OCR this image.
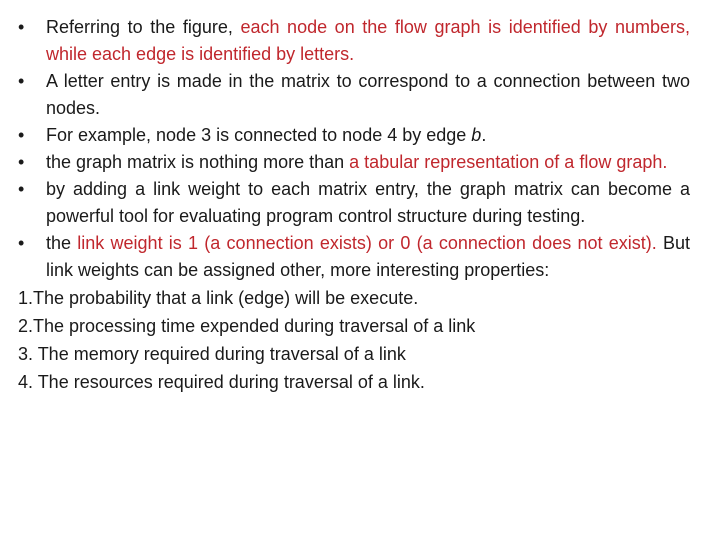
•	Referring to the figure, each node on the flow graph is identified by numbers, while each edge is identified by letters.
•	A letter entry is made in the matrix to correspond to a connection between two nodes.
•	For example, node 3 is connected to node 4 by edge b.
•	the graph matrix is nothing more than a tabular representation of a flow graph.
•	by adding a link weight to each matrix entry, the graph matrix can become a powerful tool for evaluating program control structure during testing.
•	the link weight is 1 (a connection exists) or 0 (a connection does not exist). But link weights can be assigned other, more interesting properties:
1.The probability that a link (edge) will be execute.
2.The processing time expended during traversal of a link
3. The memory required during traversal of a link
4. The resources required during traversal of a link.
